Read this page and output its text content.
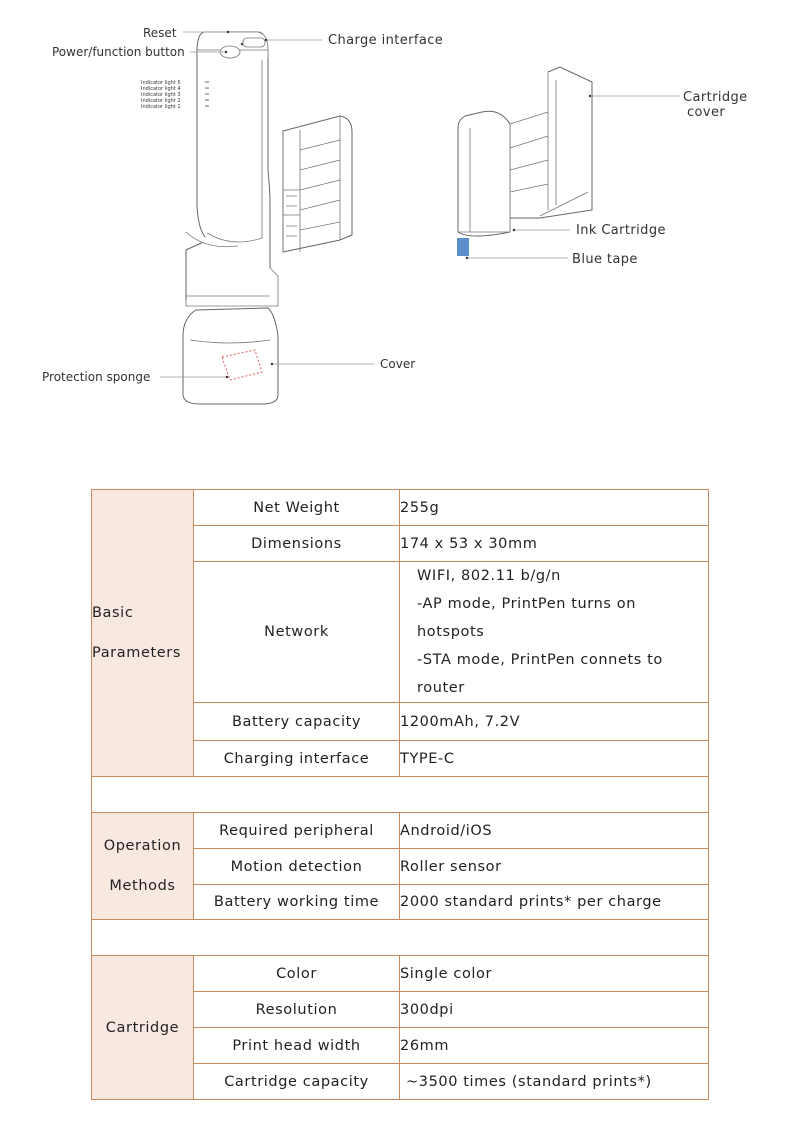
Reset
Power/function button
Charge interface
Indicator light 5
Indicator light 4
Indicator light 3
Indicator light 2
Indicator light 1
Protection sponge
Cover
Cartridge
cover
Ink Cartridge
Blue tape
Basic
Parameters	Net Weight	255g
	Dimensions	174 x 53 x 30mm
	Network	WIFI, 802.11 b/g/n
-AP mode, PrintPen turns on hotspots
-STA mode, PrintPen connets to router

	Battery capacity	1200mAh, 7.2V
	Charging interface	TYPE-C

Operation
Methods	Required peripheral	Android/iOS
	Motion detection	Roller sensor
	Battery working time	2000 standard prints* per charge

Cartridge	Color	Single color
	Resolution	300dpi
	Print head width	26mm
	Cartridge capacity	~3500 times (standard prints*)
